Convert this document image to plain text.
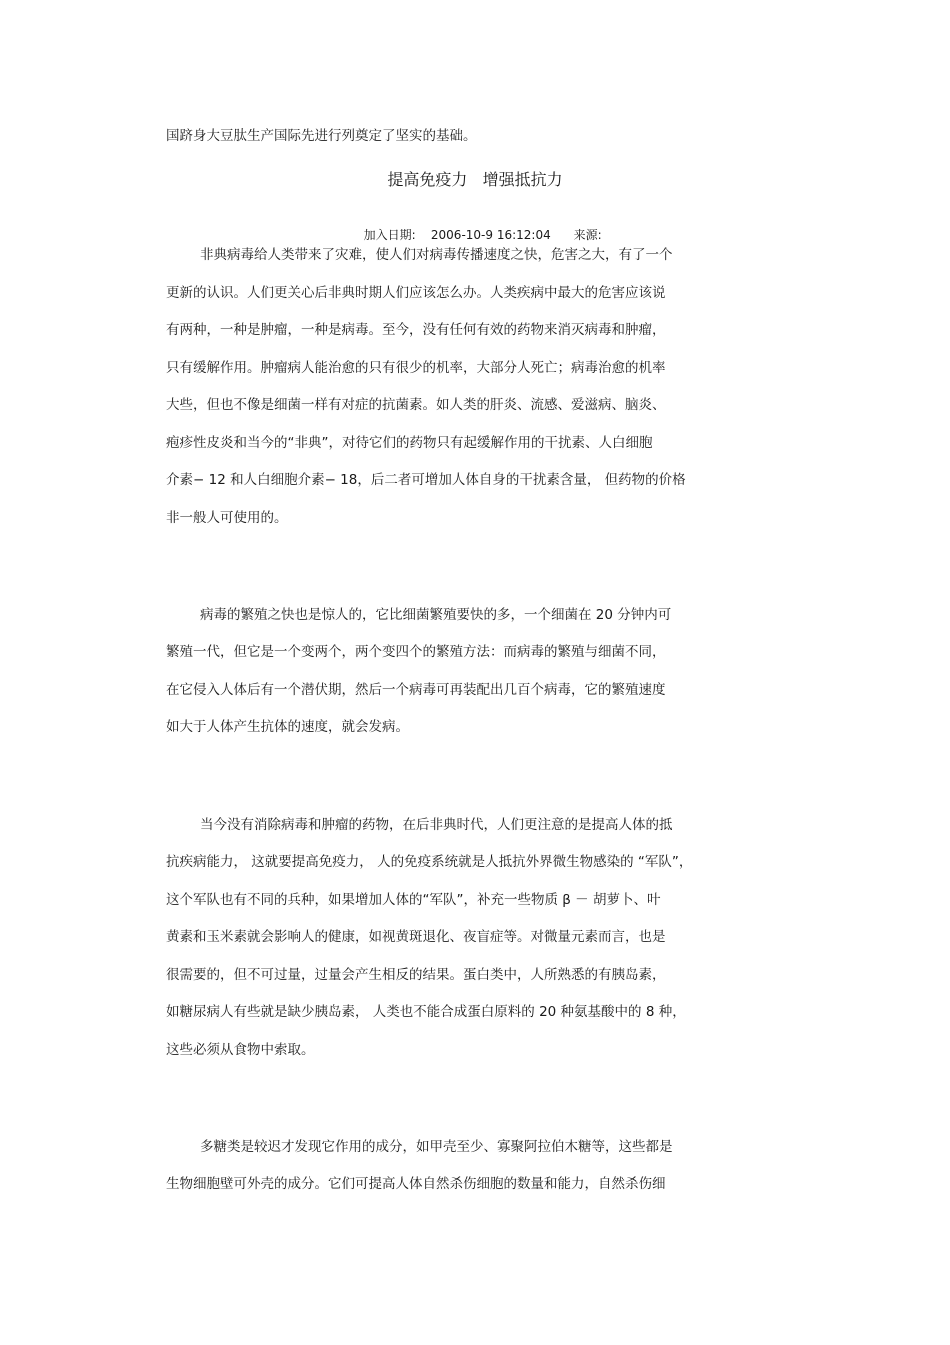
国跻身大豆肽生产国际先进行列奠定了坚实的基础。
提高免疫力   增强抵抗力

加入日期: 2006-10-9 16:12:04 来源:

非典病毒给人类带来了灾难，使人们对病毒传播速度之快，危害之大，有了一个
更新的认识。人们更关心后非典时期人们应该怎么办。人类疾病中最大的危害应该说
有两种，一种是肿瘤，一种是病毒。至今，没有任何有效的药物来消灭病毒和肿瘤，
只有缓解作用。肿瘤病人能治愈的只有很少的机率，大部分人死亡；病毒治愈的机率
大些，但也不像是细菌一样有对症的抗菌素。如人类的肝炎、流感、爱滋病、脑炎、
疱疹性皮炎和当今的“非典”，对待它们的药物只有起缓解作用的干扰素、人白细胞
介素− 12 和人白细胞介素− 18，后二者可增加人体自身的干扰素含量， 但药物的价格
非一般人可使用的。
病毒的繁殖之快也是惊人的，它比细菌繁殖要快的多，一个细菌在 20 分钟内可
繁殖一代，但它是一个变两个，两个变四个的繁殖方法：而病毒的繁殖与细菌不同，
在它侵入人体后有一个潜伏期，然后一个病毒可再装配出几百个病毒，它的繁殖速度
如大于人体产生抗体的速度，就会发病。
当今没有消除病毒和肿瘤的药物，在后非典时代，人们更注意的是提高人体的抵
抗疾病能力， 这就要提高免疫力， 人的免疫系统就是人抵抗外界微生物感染的 “军队”，
这个军队也有不同的兵种，如果增加人体的“军队”，补充一些物质 β － 胡萝卜、叶
黄素和玉米素就会影响人的健康，如视黄斑退化、夜盲症等。对微量元素而言，也是
很需要的，但不可过量，过量会产生相反的结果。蛋白类中，人所熟悉的有胰岛素，
如糖尿病人有些就是缺少胰岛素， 人类也不能合成蛋白原料的 20 种氨基酸中的 8 种，
这些必须从食物中索取。
多糖类是较迟才发现它作用的成分，如甲壳至少、寡聚阿拉伯木糖等，这些都是
生物细胞壁可外壳的成分。它们可提高人体自然杀伤细胞的数量和能力，自然杀伤细
